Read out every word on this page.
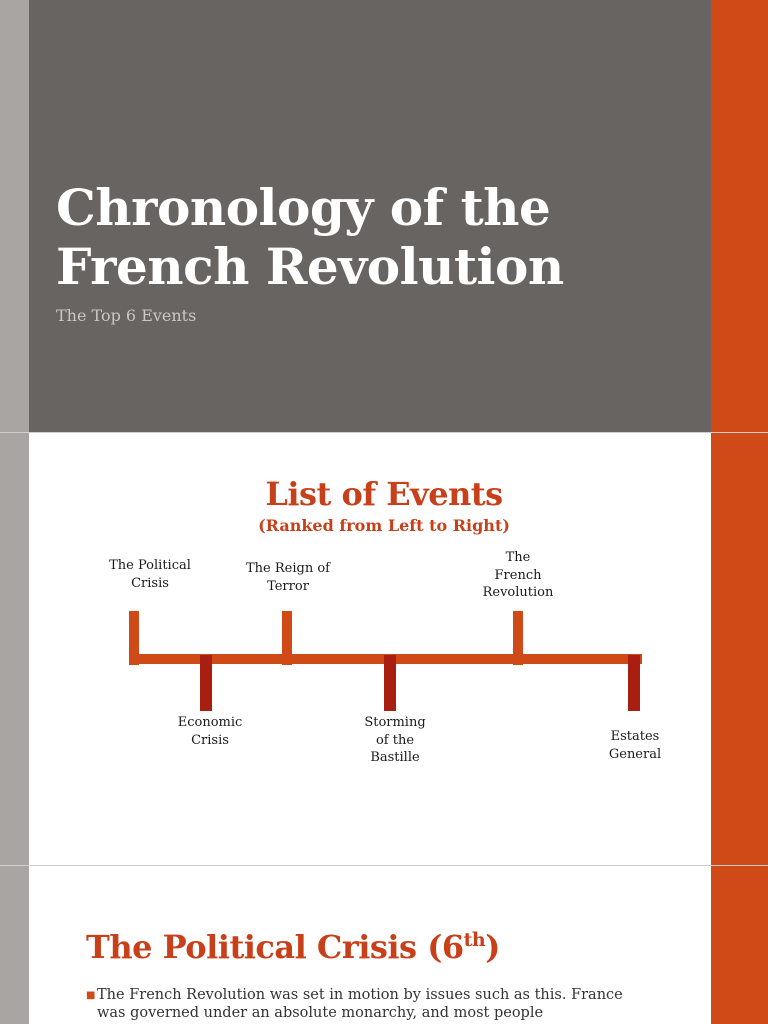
Chronology of the
French Revolution
The Top 6 Events
List of Events
(Ranked from Left to Right)
The Political
Crisis
Economic
Crisis
The Reign of
Terror
Storming
of the
Bastille
The
French
Revolution
Estates
General
The Political Crisis (6th)
■ The French Revolution was set in motion by issues such as this. France was governed under an absolute monarchy, and most people
